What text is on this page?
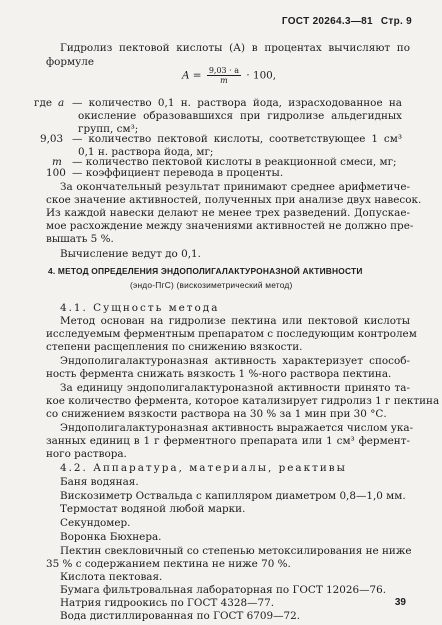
ГОСТ 20264.3—81 Стр. 9
Гидролиз пектовой кислоты (А) в процентах вычисляют по
формуле
$A = \frac{9,03 \cdot a}{m} \cdot 100$,
где a — количество 0,1 н. раствора йода, израсходованное на
окисление образовавшихся при гидролизе альдегидных
групп, см³;
9,03 — количество пектовой кислоты, соответствующее 1 см³
0,1 н. раствора йода, мг;
m — количество пектовой кислоты в реакционной смеси, мг;
100 — коэффициент перевода в проценты.
За окончательный результат принимают среднее арифметиче-
ское значение активностей, полученных при анализе двух навесок.
Из каждой навески делают не менее трех разведений. Допускае-
мое расхождение между значениями активностей не должно пре-
вышать 5 %.
Вычисление ведут до 0,1.
4. МЕТОД ОПРЕДЕЛЕНИЯ ЭНДОПОЛИГАЛАКТУРОНАЗНОЙ АКТИВНОСТИ
(эндо-ПгС) (вискозиметрический метод)
4.1. Сущность метода
Метод основан на гидролизе пектина или пектовой кислоты
исследуемым ферментным препаратом с последующим контролем
степени расщепления по снижению вязкости.
Эндополигалактуроназная активность характеризует способ-
ность фермента снижать вязкость 1 %-ного раствора пектина.
За единицу эндополигалактуроназной активности принято та-
кое количество фермента, которое катализирует гидролиз 1 г пектина
со снижением вязкости раствора на 30 % за 1 мин при 30 °С.
Эндополигалактуроназная активность выражается числом ука-
занных единиц в 1 г ферментного препарата или 1 см³ фермент-
ного раствора.
4.2. Аппаратура, материалы, реактивы
Баня водяная.
Вискозиметр Оствальда с капилляром диаметром 0,8—1,0 мм.
Термостат водяной любой марки.
Секундомер.
Воронка Бюхнера.
Пектин свекловичный со степенью метоксилирования не ниже
35 % с содержанием пектина не ниже 70 %.
Кислота пектовая.
Бумага фильтровальная лабораторная по ГОСТ 12026—76.
Натрия гидроокись по ГОСТ 4328—77.
Вода дистиллированная по ГОСТ 6709—72.
39
